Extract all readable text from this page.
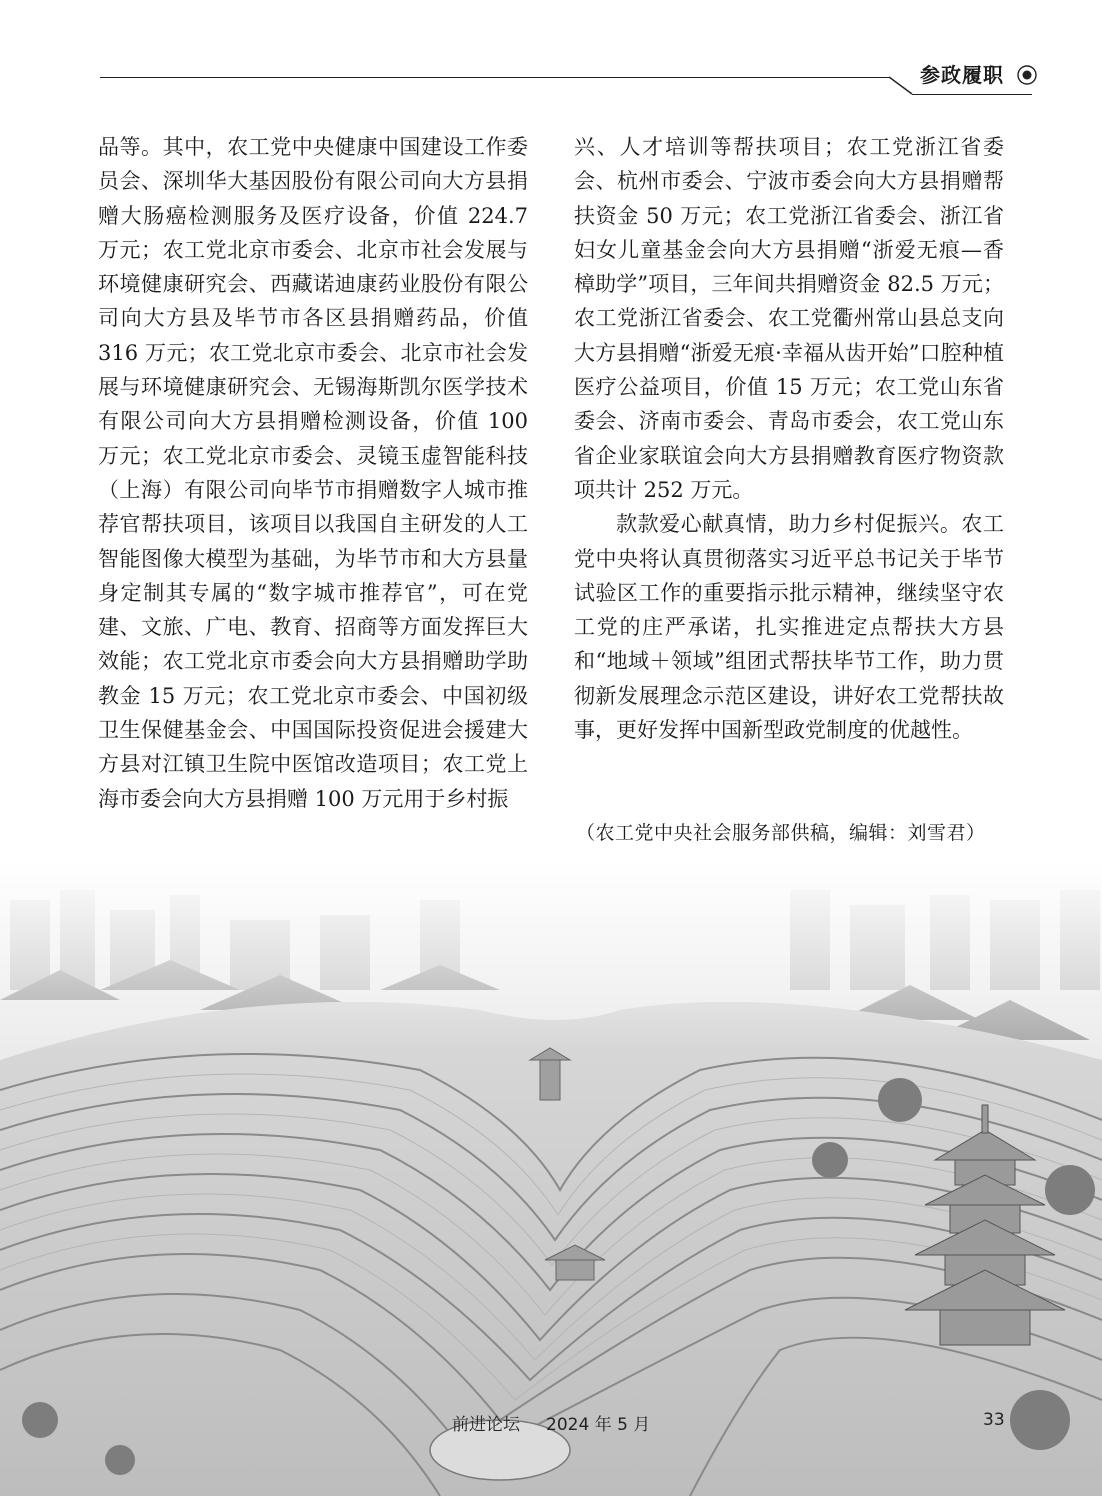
参政履职

品等。其中，农工党中央健康中国建设工作委员会、深圳华大基因股份有限公司向大方县捐赠大肠癌检测服务及医疗设备，价值 224.7 万元；农工党北京市委会、北京市社会发展与环境健康研究会、西藏诺迪康药业股份有限公司向大方县及毕节市各区县捐赠药品，价值 316 万元；农工党北京市委会、北京市社会发展与环境健康研究会、无锡海斯凯尔医学技术有限公司向大方县捐赠检测设备，价值 100 万元；农工党北京市委会、灵镜玉虚智能科技（上海）有限公司向毕节市捐赠数字人城市推荐官帮扶项目，该项目以我国自主研发的人工智能图像大模型为基础，为毕节市和大方县量身定制其专属的“数字城市推荐官”，可在党建、文旅、广电、教育、招商等方面发挥巨大效能；农工党北京市委会向大方县捐赠助学助教金 15 万元；农工党北京市委会、中国初级卫生保健基金会、中国国际投资促进会援建大方县对江镇卫生院中医馆改造项目；农工党上海市委会向大方县捐赠 100 万元用于乡村振

兴、人才培训等帮扶项目；农工党浙江省委会、杭州市委会、宁波市委会向大方县捐赠帮扶资金 50 万元；农工党浙江省委会、浙江省妇女儿童基金会向大方县捐赠“浙爱无痕—香樟助学”项目，三年间共捐赠资金 82.5 万元；农工党浙江省委会、农工党衢州常山县总支向大方县捐赠“浙爱无痕·幸福从齿开始”口腔种植医疗公益项目，价值 15 万元；农工党山东省委会、济南市委会、青岛市委会，农工党山东省企业家联谊会向大方县捐赠教育医疗物资款项共计 252 万元。

款款爱心献真情，助力乡村促振兴。农工党中央将认真贯彻落实习近平总书记关于毕节试验区工作的重要指示批示精神，继续坚守农工党的庄严承诺，扎实推进定点帮扶大方县和“地域＋领域”组团式帮扶毕节工作，助力贯彻新发展理念示范区建设，讲好农工党帮扶故事，更好发挥中国新型政党制度的优越性。

（农工党中央社会服务部供稿，编辑：刘雪君）
前进论坛 2024 年 5 月	33
